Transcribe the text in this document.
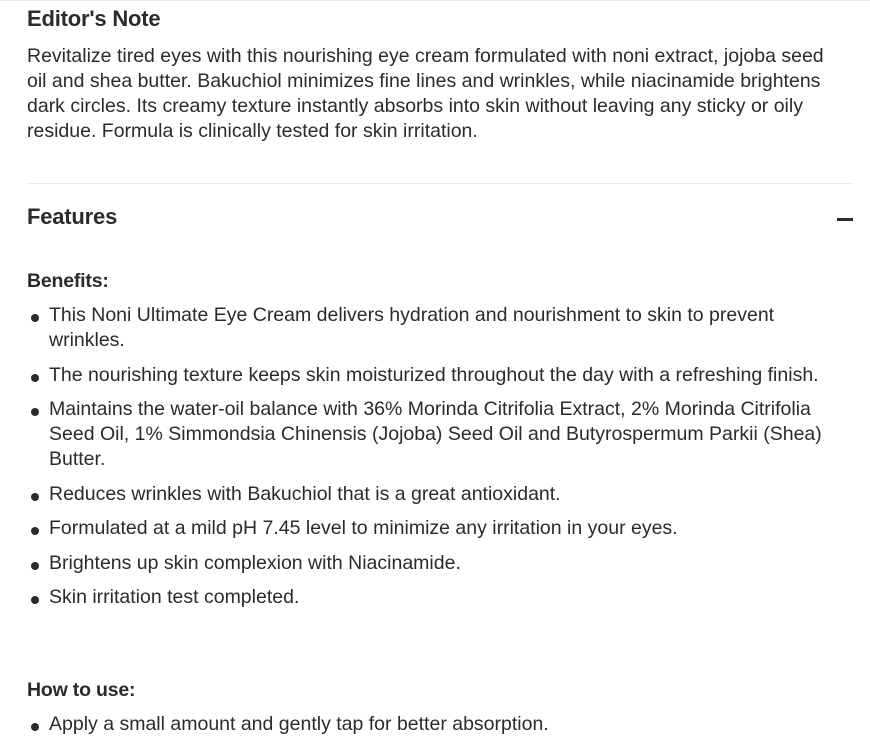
Editor's Note

Revitalize tired eyes with this nourishing eye cream formulated with noni extract, jojoba seed oil and shea butter. Bakuchiol minimizes fine lines and wrinkles, while niacinamide brightens dark circles. Its creamy texture instantly absorbs into skin without leaving any sticky or oily residue. Formula is clinically tested for skin irritation.

Features
Benefits:
This Noni Ultimate Eye Cream delivers hydration and nourishment to skin to prevent wrinkles.
The nourishing texture keeps skin moisturized throughout the day with a refreshing finish.
Maintains the water-oil balance with 36% Morinda Citrifolia Extract, 2% Morinda Citrifolia Seed Oil, 1% Simmondsia Chinensis (Jojoba) Seed Oil and Butyrospermum Parkii (Shea) Butter.
Reduces wrinkles with Bakuchiol that is a great antioxidant.
Formulated at a mild pH 7.45 level to minimize any irritation in your eyes.
Brightens up skin complexion with Niacinamide.
Skin irritation test completed.
How to use:
Apply a small amount and gently tap for better absorption.
